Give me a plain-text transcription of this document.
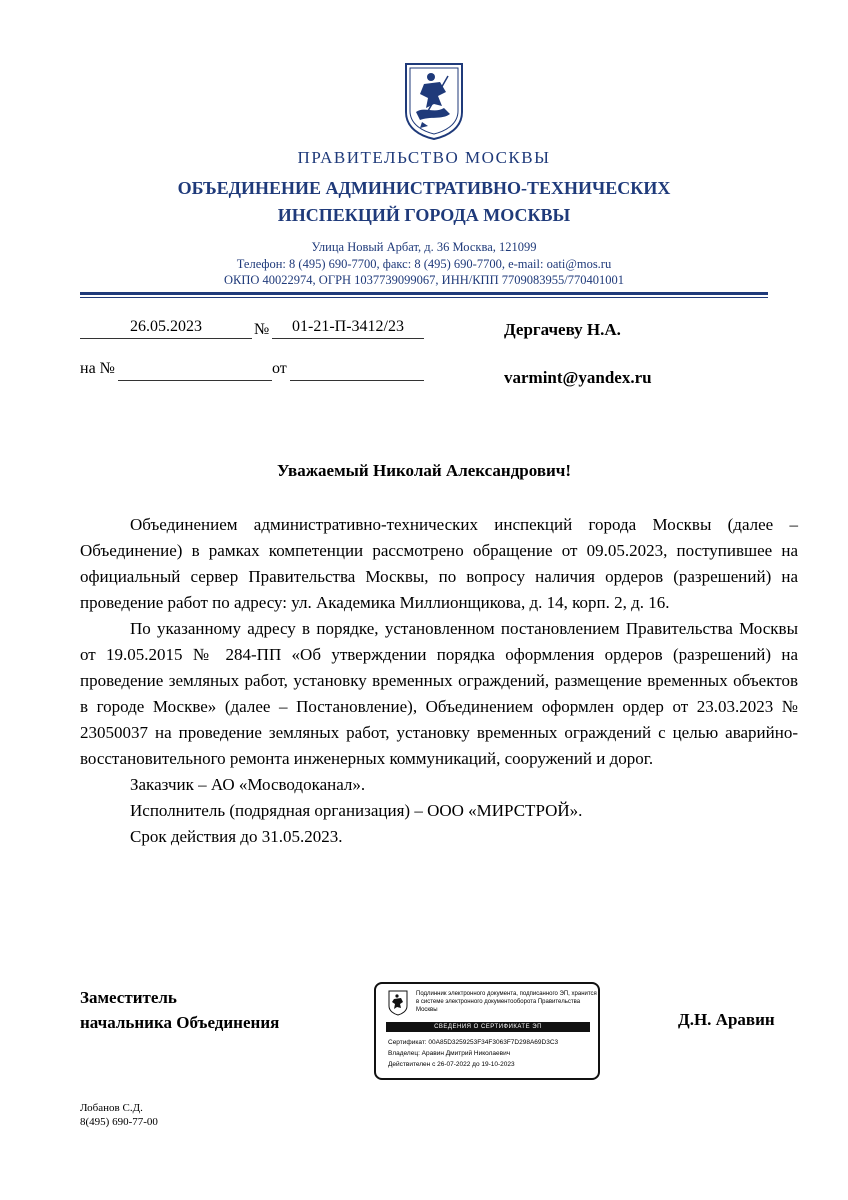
ПРАВИТЕЛЬСТВО МОСКВЫ
ОБЪЕДИНЕНИЕ АДМИНИСТРАТИВНО-ТЕХНИЧЕСКИХ
ИНСПЕКЦИЙ ГОРОДА МОСКВЫ
Улица Новый Арбат, д. 36 Москва, 121099
Телефон: 8 (495) 690-7700, факс: 8 (495) 690-7700, e-mail: oati@mos.ru
ОКПО 40022974, ОГРН 1037739099067, ИНН/КПП 7709083955/770401001
26.05.2023	№	01-21-П-3412/23
на №	от
Дергачеву Н.А.
varmint@yandex.ru
Уважаемый Николай Александрович!

Объединением административно-технических инспекций города Москвы (далее – Объединение) в рамках компетенции рассмотрено обращение от 09.05.2023, поступившее на официальный сервер Правительства Москвы, по вопросу наличия ордеров (разрешений) на проведение работ по адресу: ул. Академика Миллионщикова, д. 14, корп. 2, д. 16.

По указанному адресу в порядке, установленном постановлением Правительства Москвы от 19.05.2015 № 284-ПП «Об утверждении порядка оформления ордеров (разрешений) на проведение земляных работ, установку временных ограждений, размещение временных объектов в городе Москве» (далее – Постановление), Объединением оформлен ордер от 23.03.2023 № 23050037 на проведение земляных работ, установку временных ограждений с целью аварийно-восстановительного ремонта инженерных коммуникаций, сооружений и дорог.

Заказчик – АО «Мосводоканал».

Исполнитель (подрядная организация) – ООО «МИРСТРОЙ».

Срок действия до 31.05.2023.

Заместитель
начальника Объединения	Д.Н. Аравин
Подлинник электронного документа, подписанного ЭП, хранится в системе электронного документооборота Правительства Москвы
СВЕДЕНИЯ О СЕРТИФИКАТЕ ЭП
Сертификат: 00A85D3259253F34F3063F7D298A69D3C3
Владелец: Аравин Дмитрий Николаевич
Действителен с 26-07-2022 до 19-10-2023
Лобанов С.Д.
8(495) 690-77-00
